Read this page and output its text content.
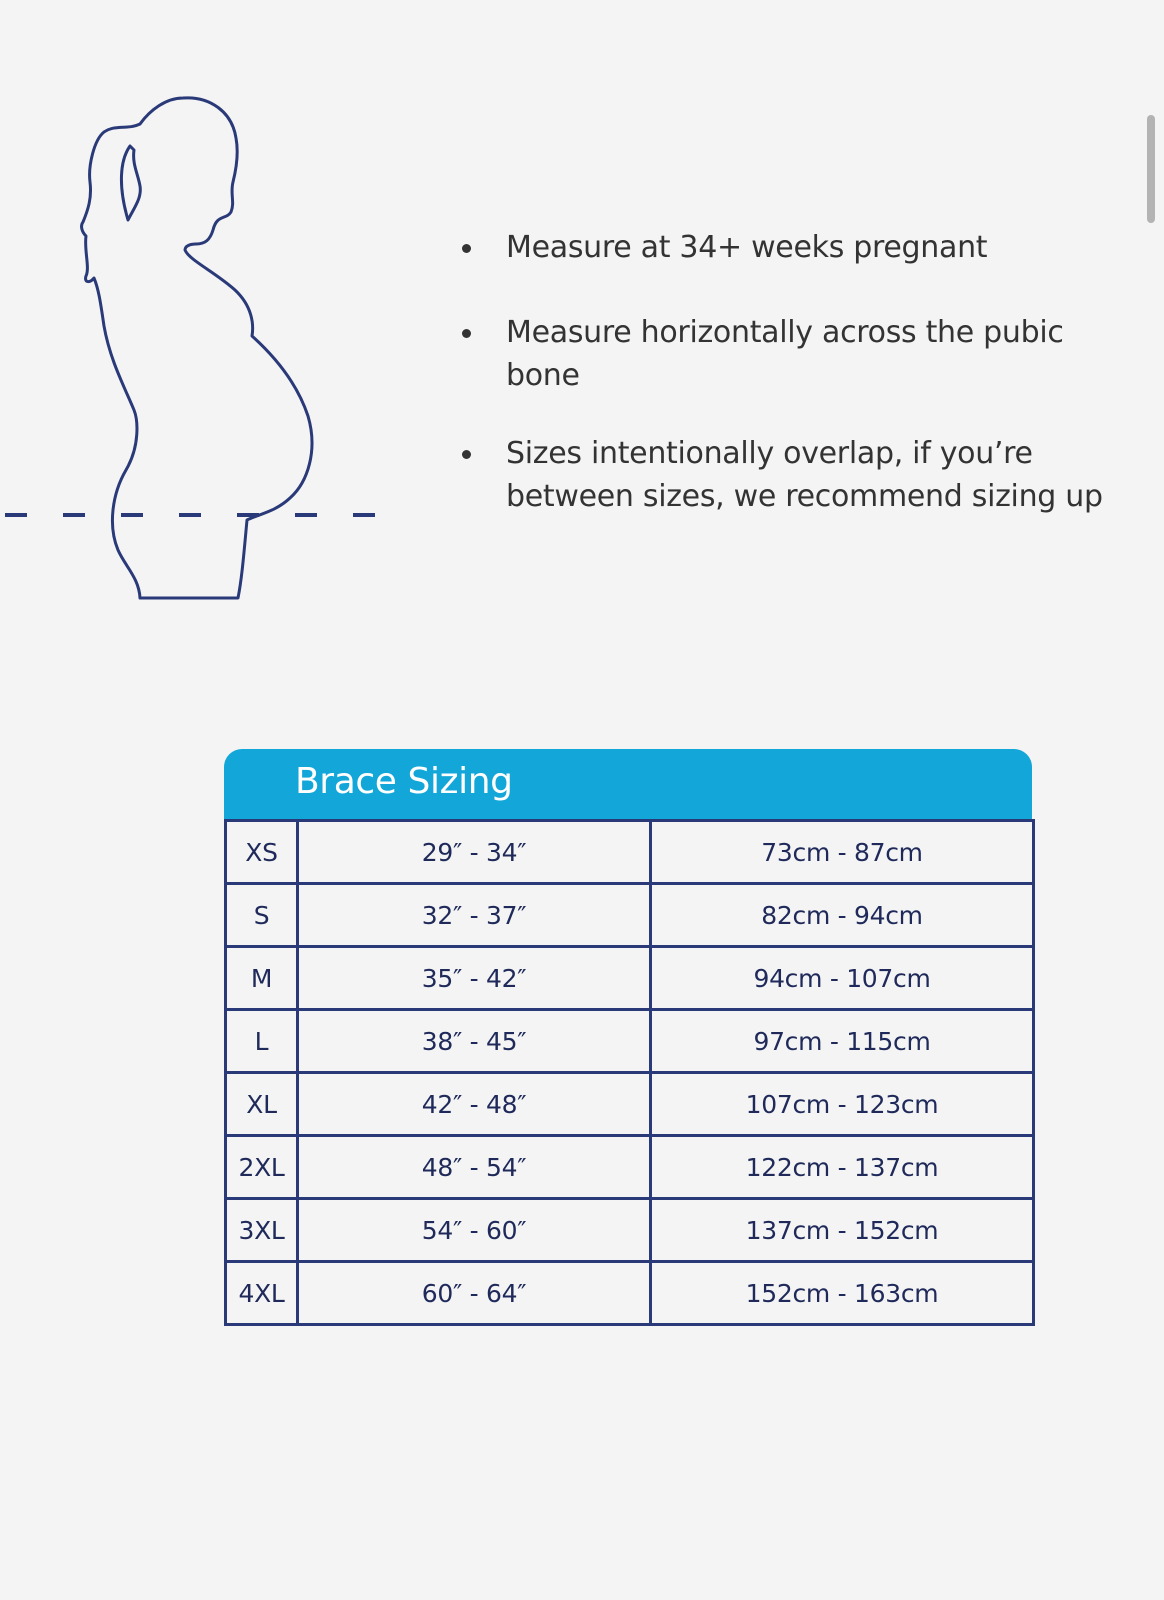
Measure at 34+ weeks pregnant
Measure horizontally across the pubic bone
Sizes intentionally overlap, if you’re between sizes, we recommend sizing up
Brace Sizing
XS	29″ - 34″	73cm - 87cm
S	32″ - 37″	82cm - 94cm
M	35″ - 42″	94cm - 107cm
L	38″ - 45″	97cm - 115cm
XL	42″ - 48″	107cm - 123cm
2XL	48″ - 54″	122cm - 137cm
3XL	54″ - 60″	137cm - 152cm
4XL	60″ - 64″	152cm - 163cm
